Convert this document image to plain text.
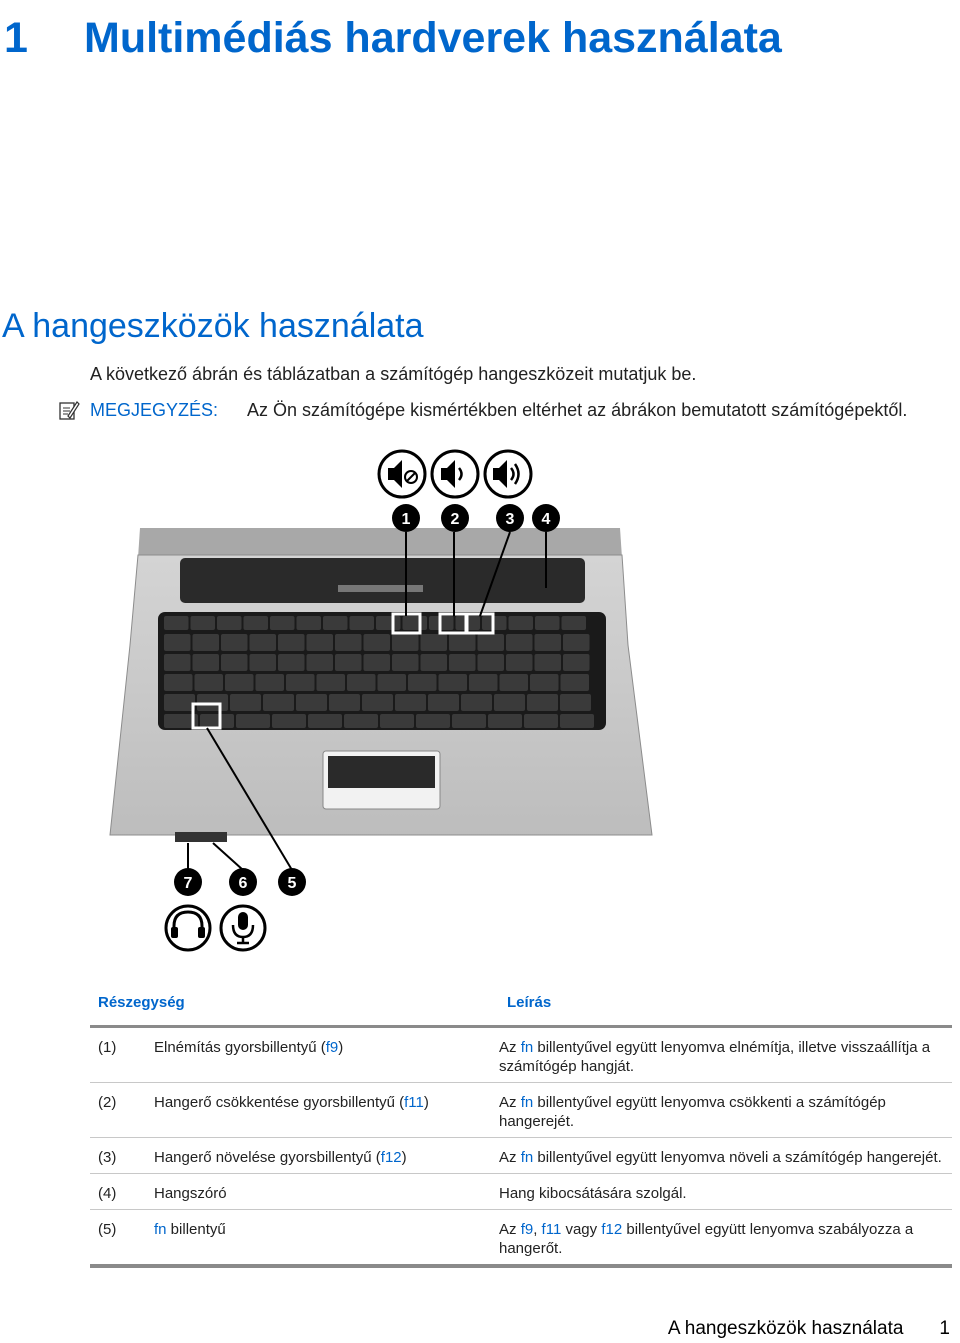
1 Multimédiás hardverek használata
A hangeszközök használata
A következő ábrán és táblázatban a számítógép hangeszközeit mutatjuk be.
MEGJEGYZÉS:	Az Ön számítógépe kismértékben eltérhet az ábrákon bemutatott számítógépektől.
1	2	3 4
7	6	5
Részegység		Leírás
(1)	Elnémítás gyorsbillentyű (f9)	Az fn billentyűvel együtt lenyomva elnémítja, illetve visszaállítja a számítógép hangját.
(2)	Hangerő csökkentése gyorsbillentyű (f11)	Az fn billentyűvel együtt lenyomva csökkenti a számítógép hangerejét.
(3)	Hangerő növelése gyorsbillentyű (f12)	Az fn billentyűvel együtt lenyomva növeli a számítógép hangerejét.
(4)	Hangszóró	Hang kibocsátására szolgál.
(5)	fn billentyű	Az f9, f11 vagy f12 billentyűvel együtt lenyomva szabályozza a hangerőt.
A hangeszközök használata 1
